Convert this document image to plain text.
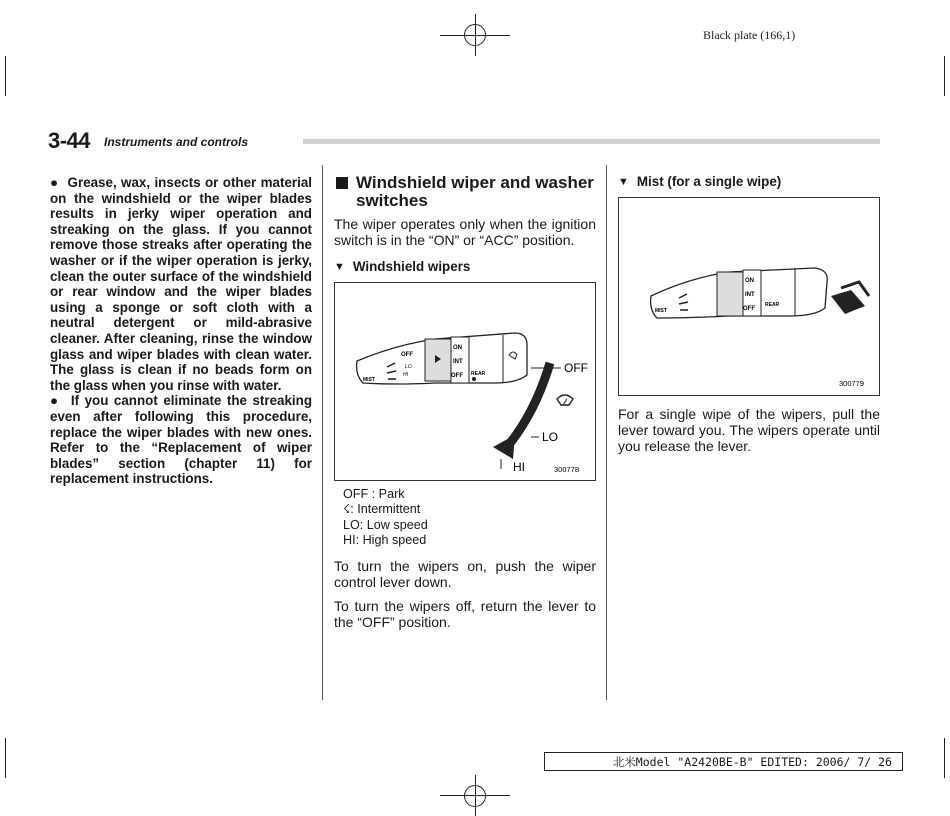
Black plate (166,1)
3-44 Instruments and controls

●  Grease, wax, insects or other material on the windshield or the wiper blades results in jerky wiper operation and streaking on the glass. If you cannot remove those streaks after operating the washer or if the wiper operation is jerky, clean the outer surface of the windshield or rear window and the wiper blades using a sponge or soft cloth with a neutral detergent or mild-abrasive cleaner. After cleaning, rinse the window glass and wiper blades with clean water. The glass is clean if no beads form on the glass when you rinse with water.

●  If you cannot eliminate the streaking even after following this procedure, replace the wiper blades with new ones. Refer to the “Replacement of wiper blades” section (chapter 11) for replacement instructions.

Windshield wiper and washer switches

The wiper operates only when the ignition switch is in the “ON” or “ACC” position.

▼ Windshield wipers
OFF
LO
HI
MIST
ON
INT
OFF REAR	OFF
LO
HI	300778
OFF : Park
☇: Intermittent
LO: Low speed
HI: High speed

To turn the wipers on, push the wiper control lever down.

To turn the wipers off, return the lever to the “OFF” position.

▼ Mist (for a single wipe)
ON
INT
OFF
REAR
MIST
300779

For a single wipe of the wipers, pull the lever toward you. The wipers operate until you release the lever.

北米Model "A2420BE-B" EDITED: 2006/ 7/ 26
